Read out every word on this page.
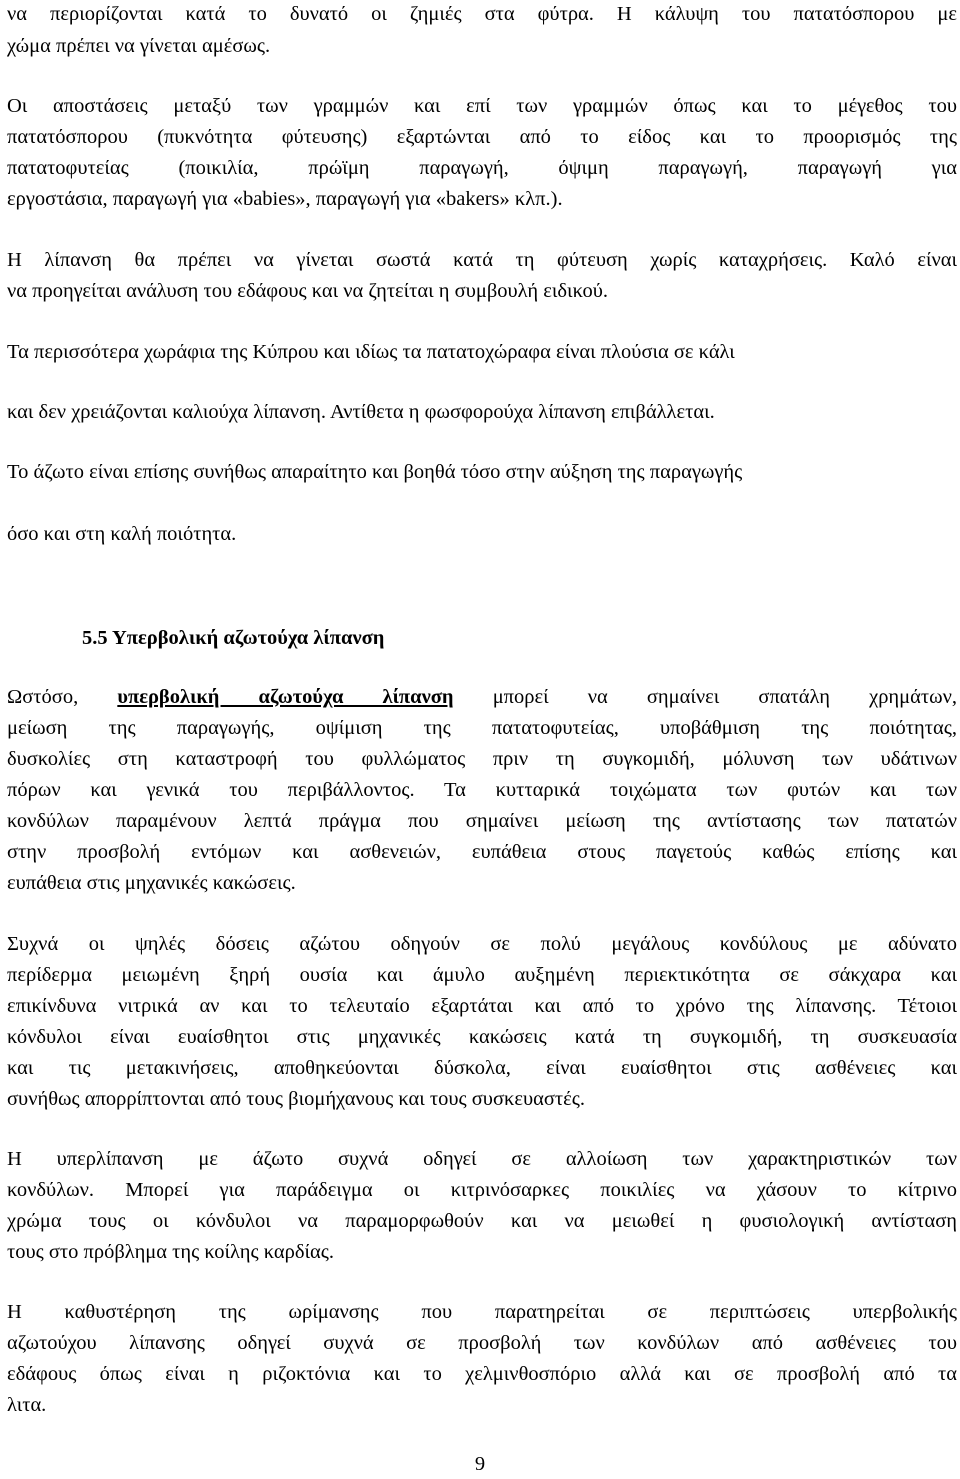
να περιορίζονται κατά το δυνατό οι ζημιές στα φύτρα. Η κάλυψη του πατατόσπορου με
χώμα πρέπει να γίνεται αμέσως.
Οι αποστάσεις μεταξύ των γραμμών και επί των γραμμών όπως και το μέγεθος του
πατατόσπορου (πυκνότητα φύτευσης) εξαρτώνται από το είδος και το προορισμός της
πατατοφυτείας (ποικιλία, πρώϊμη παραγωγή, όψιμη παραγωγή, παραγωγή για
εργοστάσια, παραγωγή για «babies», παραγωγή για «bakers» κλπ.).
Η λίπανση θα πρέπει να γίνεται σωστά κατά τη φύτευση χωρίς καταχρήσεις. Καλό είναι
να προηγείται ανάλυση του εδάφους και να ζητείται η συμβουλή ειδικού.
Τα περισσότερα χωράφια της Κύπρου και ιδίως τα πατατοχώραφα είναι πλούσια σε κάλι
και δεν χρειάζονται καλιούχα λίπανση. Αντίθετα η φωσφορούχα λίπανση επιβάλλεται.
Το άζωτο είναι επίσης συνήθως απαραίτητο και βοηθά τόσο στην αύξηση της παραγωγής
όσο και στη καλή ποιότητα.
5.5 Υπερβολική αζωτούχα λίπανση
Ωστόσο, υπερβολική αζωτούχα λίπανση μπορεί να σημαίνει σπατάλη χρημάτων,
μείωση της παραγωγής, οψίμιση της πατατοφυτείας, υποβάθμιση της ποιότητας,
δυσκολίες στη καταστροφή του φυλλώματος πριν τη συγκομιδή, μόλυνση των υδάτινων
πόρων και γενικά του περιβάλλοντος. Τα κυτταρικά τοιχώματα των φυτών και των
κονδύλων παραμένουν λεπτά πράγμα που σημαίνει μείωση της αντίστασης των πατατών
στην προσβολή εντόμων και ασθενειών, ευπάθεια στους παγετούς καθώς επίσης και
ευπάθεια στις μηχανικές κακώσεις.
Συχνά οι ψηλές δόσεις αζώτου οδηγούν σε πολύ μεγάλους κονδύλους με αδύνατο
περίδερμα μειωμένη ξηρή ουσία και άμυλο αυξημένη περιεκτικότητα σε σάκχαρα και
επικίνδυνα νιτρικά αν και το τελευταίο εξαρτάται και από το χρόνο της λίπανσης. Τέτοιοι
κόνδυλοι είναι ευαίσθητοι στις μηχανικές κακώσεις κατά τη συγκομιδή, τη συσκευασία
και τις μετακινήσεις, αποθηκεύονται δύσκολα, είναι ευαίσθητοι στις ασθένειες και
συνήθως απορρίπτονται από τους βιομήχανους και τους συσκευαστές.
Η υπερλίπανση με άζωτο συχνά οδηγεί σε αλλοίωση των χαρακτηριστικών των
κονδύλων. Μπορεί για παράδειγμα οι κιτρινόσαρκες ποικιλίες να χάσουν το κίτρινο
χρώμα τους οι κόνδυλοι να παραμορφωθούν και να μειωθεί η φυσιολογική αντίσταση
τους στο πρόβλημα της κοίλης καρδίας.
Η καθυστέρηση της ωρίμανσης που παρατηρείται σε περιπτώσεις υπερβολικής
αζωτούχου λίπανσης οδηγεί συχνά σε προσβολή των κονδύλων από ασθένειες του
εδάφους όπως είναι η ριζοκτόνια και το χελμινθοσπόριο αλλά και σε προσβολή από τα
λιτα.
9
